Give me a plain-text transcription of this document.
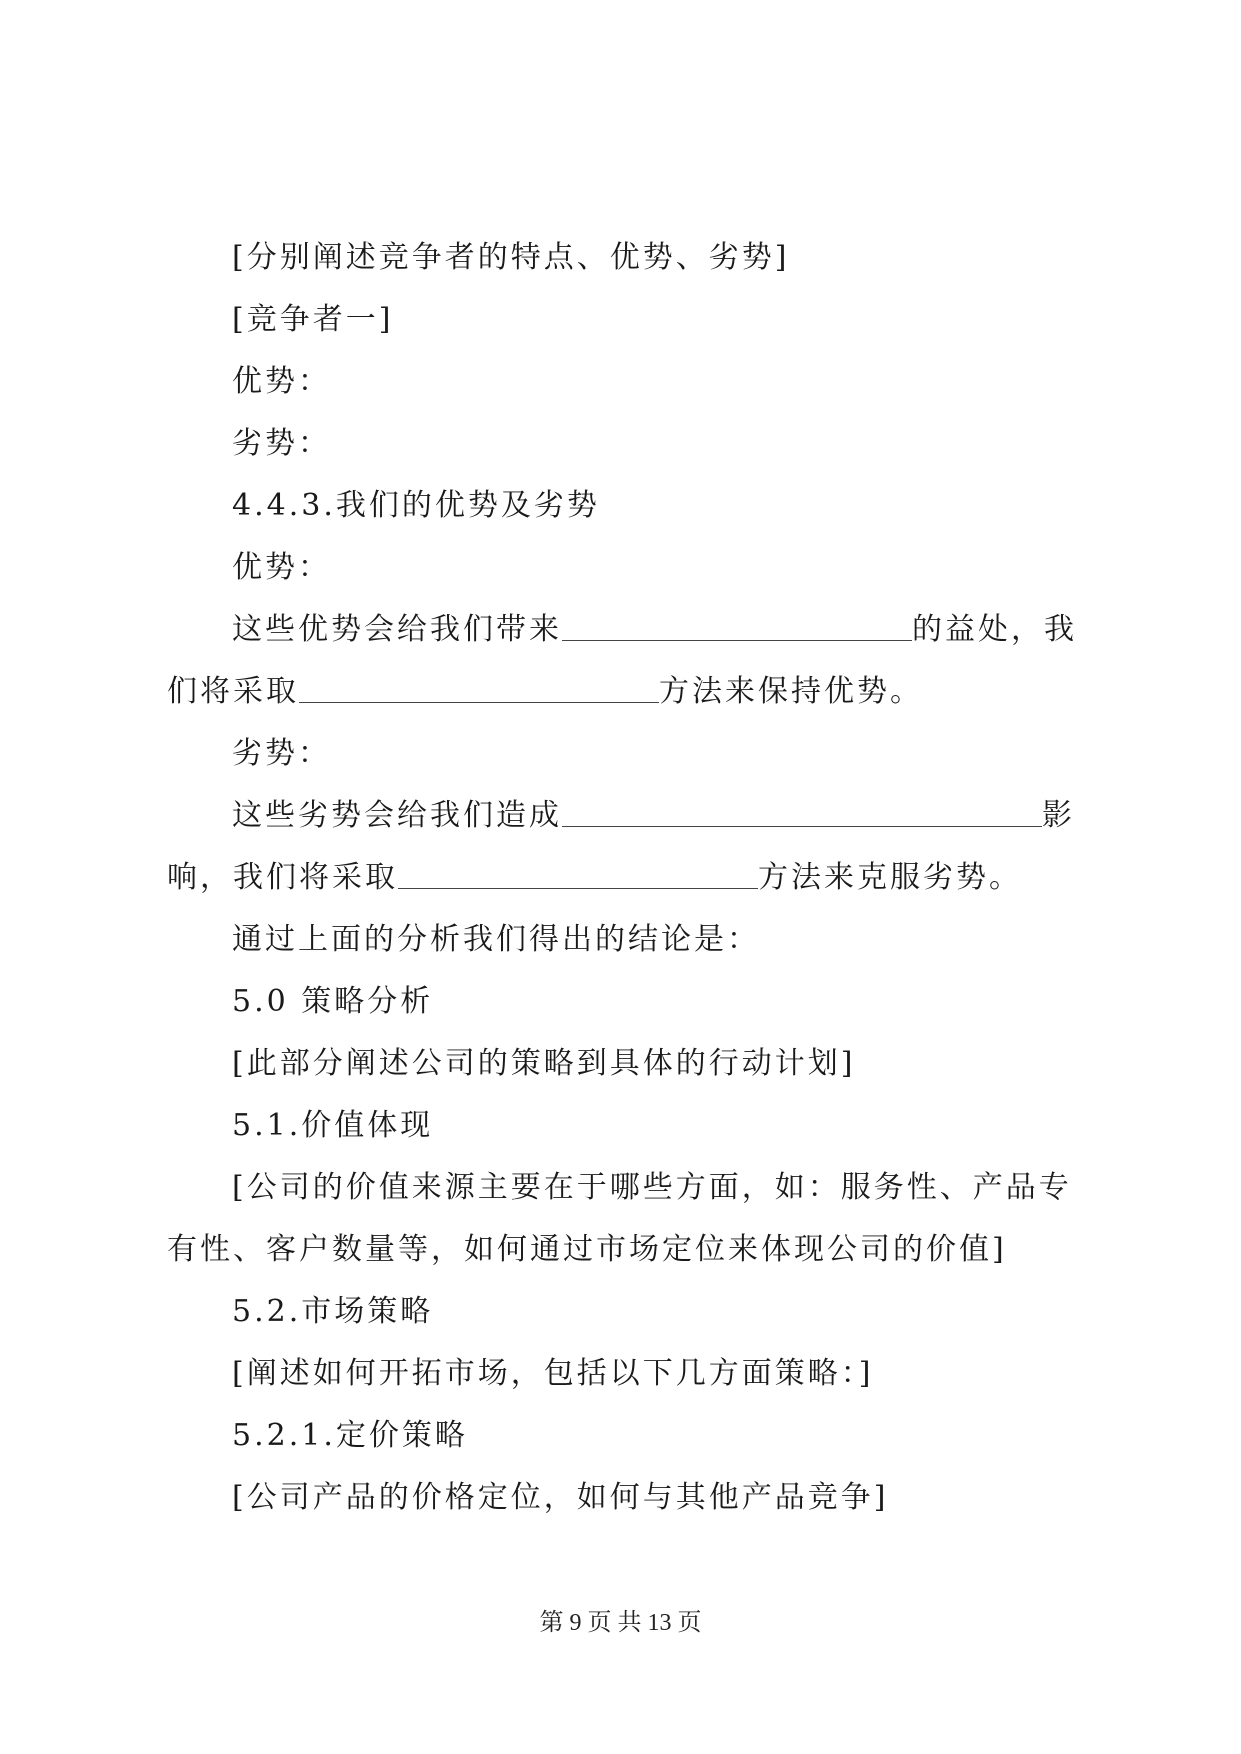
[分别阐述竞争者的特点、优势、劣势]
[竞争者一]
优势：
劣势：
4.4.3.我们的优势及劣势
优势：
这些优势会给我们带来	的益处，我
们将采取	方法来保持优势。
劣势：
这些劣势会给我们造成	影
响，我们将采取	方法来克服劣势。
通过上面的分析我们得出的结论是：
5.0 策略分析
[此部分阐述公司的策略到具体的行动计划]
5.1.价值体现
[公司的价值来源主要在于哪些方面，如：服务性、产品专
有性、客户数量等，如何通过市场定位来体现公司的价值]
5.2.市场策略
[阐述如何开拓市场，包括以下几方面策略：]
5.2.1.定价策略
[公司产品的价格定位，如何与其他产品竞争]
第 9 页 共 13 页
